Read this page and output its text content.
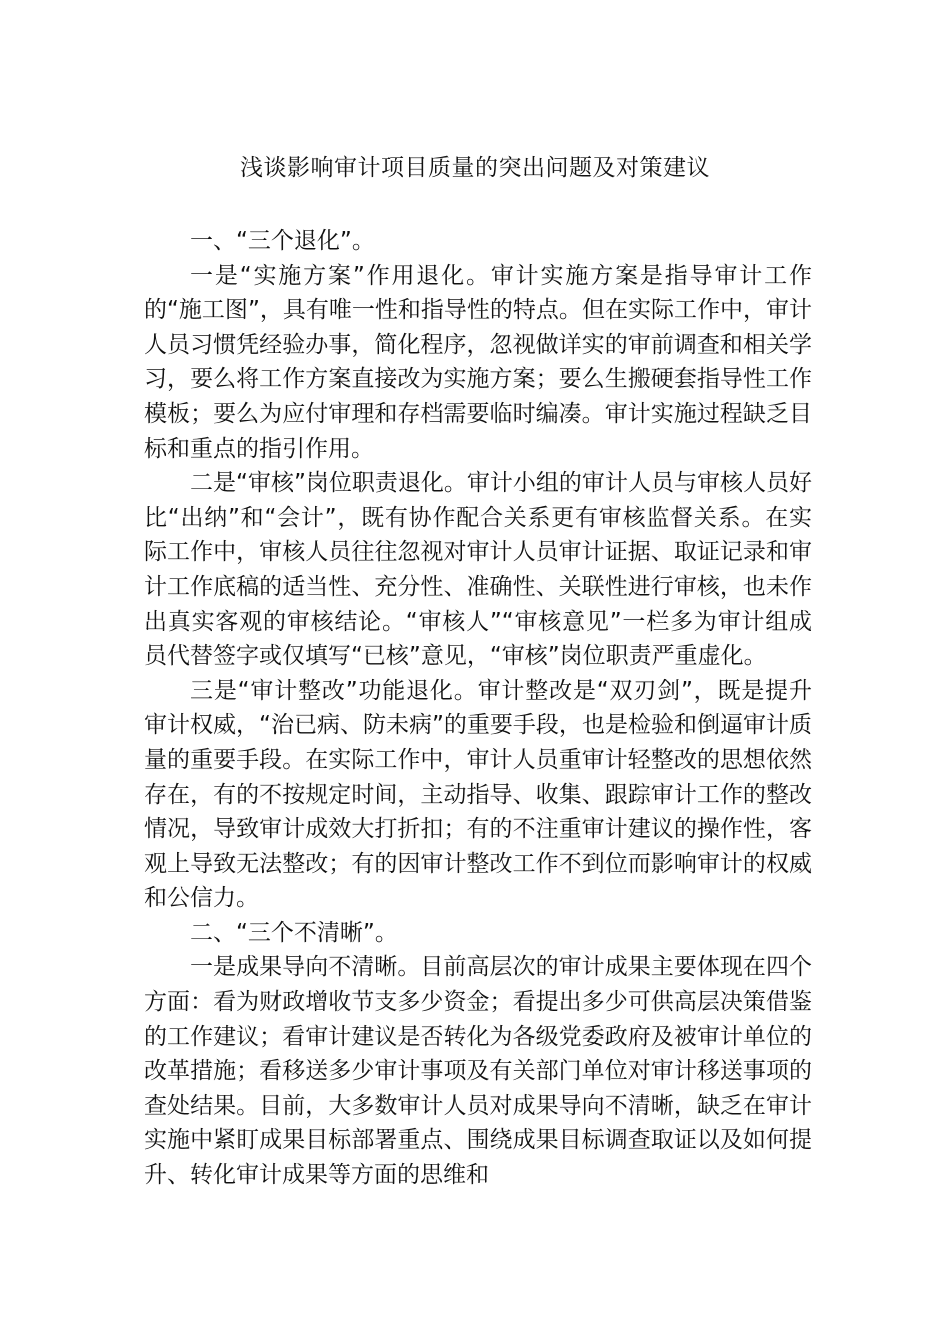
浅谈影响审计项目质量的突出问题及对策建议

一、“三个退化”。

一是“实施方案”作用退化。审计实施方案是指导审计工作的“施工图”，具有唯一性和指导性的特点。但在实际工作中，审计人员习惯凭经验办事，简化程序，忽视做详实的审前调查和相关学习，要么将工作方案直接改为实施方案；要么生搬硬套指导性工作模板；要么为应付审理和存档需要临时编凑。审计实施过程缺乏目标和重点的指引作用。

二是“审核”岗位职责退化。审计小组的审计人员与审核人员好比“出纳”和“会计”，既有协作配合关系更有审核监督关系。在实际工作中，审核人员往往忽视对审计人员审计证据、取证记录和审计工作底稿的适当性、充分性、准确性、关联性进行审核，也未作出真实客观的审核结论。“审核人”“审核意见”一栏多为审计组成员代替签字或仅填写“已核”意见，“审核”岗位职责严重虚化。

三是“审计整改”功能退化。审计整改是“双刃剑”，既是提升审计权威，“治已病、防未病”的重要手段，也是检验和倒逼审计质量的重要手段。在实际工作中，审计人员重审计轻整改的思想依然存在，有的不按规定时间，主动指导、收集、跟踪审计工作的整改情况，导致审计成效大打折扣；有的不注重审计建议的操作性，客观上导致无法整改；有的因审计整改工作不到位而影响审计的权威和公信力。

二、“三个不清晰”。

一是成果导向不清晰。目前高层次的审计成果主要体现在四个方面：看为财政增收节支多少资金；看提出多少可供高层决策借鉴的工作建议；看审计建议是否转化为各级党委政府及被审计单位的改革措施；看移送多少审计事项及有关部门单位对审计移送事项的查处结果。目前，大多数审计人员对成果导向不清晰，缺乏在审计实施中紧盯成果目标部署重点、围绕成果目标调查取证以及如何提升、转化审计成果等方面的思维和
